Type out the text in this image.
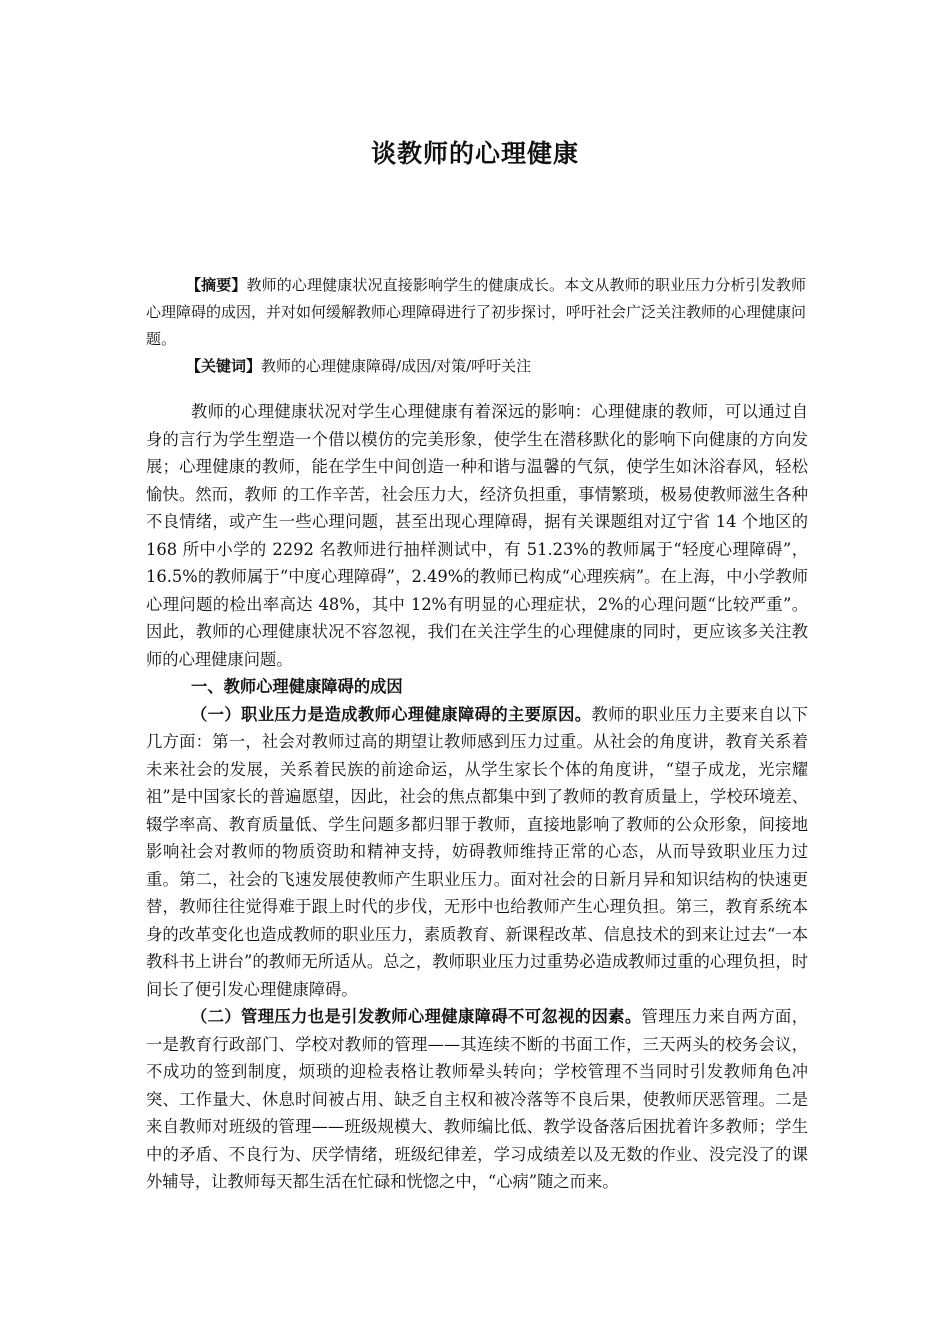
谈教师的心理健康

【摘要】教师的心理健康状况直接影响学生的健康成长。本文从教师的职业压力分析引发教师心理障碍的成因，并对如何缓解教师心理障碍进行了初步探讨，呼吁社会广泛关注教师的心理健康问题。

【关键词】教师的心理健康障碍/成因/对策/呼吁关注

教师的心理健康状况对学生心理健康有着深远的影响：心理健康的教师，可以通过自身的言行为学生塑造一个借以模仿的完美形象，使学生在潜移默化的影响下向健康的方向发展；心理健康的教师，能在学生中间创造一种和谐与温馨的气氛，使学生如沐浴春风，轻松愉快。然而，教师 的工作辛苦，社会压力大，经济负担重，事情繁琐，极易使教师滋生各种不良情绪，或产生一些心理问题，甚至出现心理障碍，据有关课题组对辽宁省 14 个地区的 168 所中小学的 2292 名教师进行抽样测试中，有 51.23%的教师属于“轻度心理障碍”，16.5%的教师属于“中度心理障碍”，2.49%的教师已构成“心理疾病”。在上海，中小学教师心理问题的检出率高达 48%，其中 12%有明显的心理症状，2%的心理问题“比较严重”。因此，教师的心理健康状况不容忽视，我们在关注学生的心理健康的同时，更应该多关注教师的心理健康问题。

一、教师心理健康障碍的成因

（一）职业压力是造成教师心理健康障碍的主要原因。教师的职业压力主要来自以下几方面：第一，社会对教师过高的期望让教师感到压力过重。从社会的角度讲，教育关系着未来社会的发展，关系着民族的前途命运，从学生家长个体的角度讲，“望子成龙，光宗耀祖”是中国家长的普遍愿望，因此，社会的焦点都集中到了教师的教育质量上，学校环境差、辍学率高、教育质量低、学生问题多都归罪于教师，直接地影响了教师的公众形象，间接地影响社会对教师的物质资助和精神支持，妨碍教师维持正常的心态，从而导致职业压力过重。第二，社会的飞速发展使教师产生职业压力。面对社会的日新月异和知识结构的快速更替，教师往往觉得难于跟上时代的步伐，无形中也给教师产生心理负担。第三，教育系统本身的改革变化也造成教师的职业压力，素质教育、新课程改革、信息技术的到来让过去“一本教科书上讲台”的教师无所适从。总之，教师职业压力过重势必造成教师过重的心理负担，时间长了便引发心理健康障碍。

（二）管理压力也是引发教师心理健康障碍不可忽视的因素。管理压力来自两方面，一是教育行政部门、学校对教师的管理——其连续不断的书面工作，三天两头的校务会议，不成功的签到制度，烦琐的迎检表格让教师晕头转向；学校管理不当同时引发教师角色冲突、工作量大、休息时间被占用、缺乏自主权和被冷落等不良后果，使教师厌恶管理。二是来自教师对班级的管理——班级规模大、教师编比低、教学设备落后困扰着许多教师；学生中的矛盾、不良行为、厌学情绪，班级纪律差，学习成绩差以及无数的作业、没完没了的课外辅导，让教师每天都生活在忙碌和恍惚之中，“心病”随之而来。
